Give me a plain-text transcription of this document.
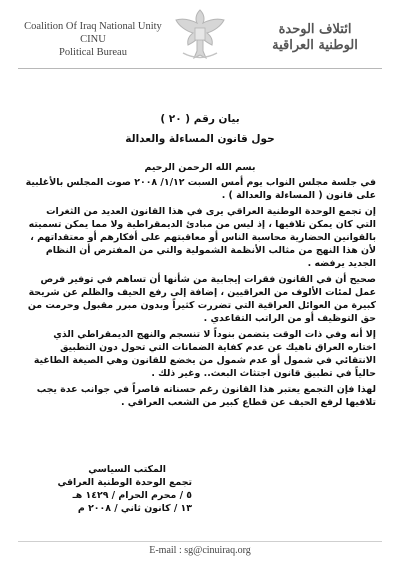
Coalition Of Iraq National Unity
CINU
Political Bureau
ائتلاف الوحدة
الوطنية العراقية
بيان رقم ( ٢٠ )
حول قانون المساءلة والعدالة

بسم الله الرحمن الرحيم

في جلسة مجلس النواب يوم أمس السبت ١/١٢/ ٢٠٠٨ صوت المجلس بالأغلبية على قانون ( المساءلة والعدالة ) .

إن تجمع الوحدة الوطنية العراقي يرى في هذا القانون العديد من الثغرات التي كان يمكن تلافيها ، إذ ليس من مبادئ الديمقراطية ولا مما يمكن تسميته بالقوانين الحضارية محاسبة الناس أو معاقبتهم على أفكارهم أو معتقداتهم ، لأن هذا النهج من مثالب الأنظمة الشمولية والتي من المفترض أن النظام الجديد يرفضه .

صحيح أن في القانون فقرات إيجابية من شأنها أن تساهم في توفير فرص عمل لمئات الألوف من العراقيين ، إضافة إلى رفع الحيف والظلم عن شريحة كبيرة من العوائل العراقية التي تضررت كثيراً وبدون مبرر مقبول وحرمت من حق التوظيف أو من الراتب التقاعدي .

إلا أنه وفي ذات الوقت يتضمن بنوداً لا تنسجم والنهج الديمقراطي الذي اختاره العراق ناهيك عن عدم كفاية الضمانات التي تحول دون التطبيق الانتقائي في شمول أو عدم شمول من يخضع للقانون وهي الصيغة الطاغية حالياً في تطبيق قانون اجتثاث البعث.. وغير ذلك .

لهذا فإن التجمع يعتبر هذا القانون رغم حسناته قاصراً في جوانب عدة يجب تلافيها لرفع الحيف عن قطاع كبير من الشعب العراقي .

المكتب السياسي
تجمع الوحدة الوطنية العراقي
٥ / محرم الحرام / ١٤٢٩ هـ
١٣ / كانون ثاني / ٢٠٠٨ م
E-mail : sg@cinuiraq.org
